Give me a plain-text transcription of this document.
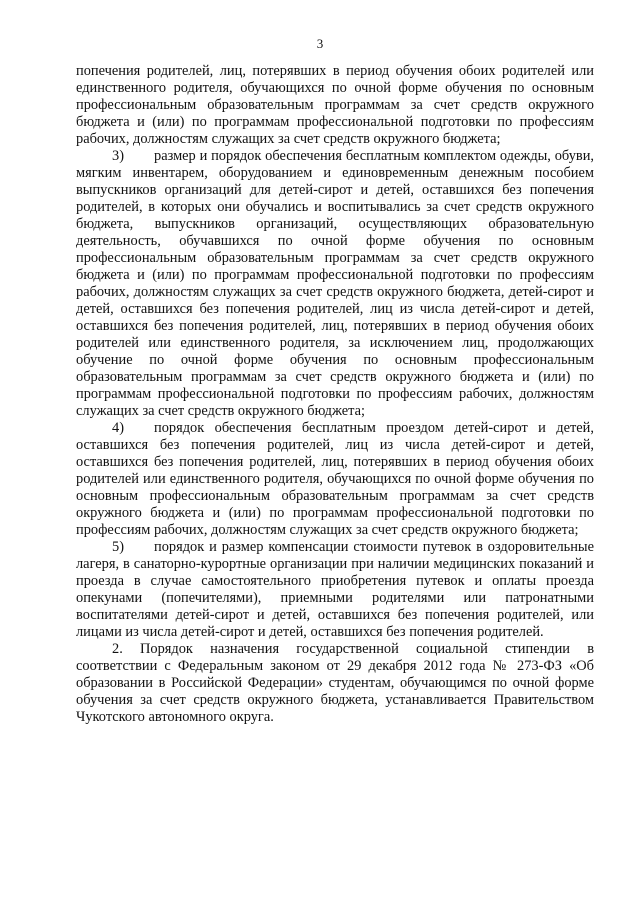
3

попечения родителей, лиц, потерявших в период обучения обоих родителей или единственного родителя, обучающихся по очной форме обучения по основным профессиональным образовательным программам за счет средств окружного бюджета и (или) по программам профессиональной подготовки по профессиям рабочих, должностям служащих за счет средств окружного бюджета;

3) размер и порядок обеспечения бесплатным комплектом одежды, обуви, мягким инвентарем, оборудованием и единовременным денежным пособием выпускников организаций для детей-сирот и детей, оставшихся без попечения родителей, в которых они обучались и воспитывались за счет средств окружного бюджета, выпускников организаций, осуществляющих образовательную деятельность, обучавшихся по очной форме обучения по основным профессиональным образовательным программам за счет средств окружного бюджета и (или) по программам профессиональной подготовки по профессиям рабочих, должностям служащих за счет средств окружного бюджета, детей-сирот и детей, оставшихся без попечения родителей, лиц из числа детей-сирот и детей, оставшихся без попечения родителей, лиц, потерявших в период обучения обоих родителей или единственного родителя, за исключением лиц, продолжающих обучение по очной форме обучения по основным профессиональным образовательным программам за счет средств окружного бюджета и (или) по программам профессиональной подготовки по профессиям рабочих, должностям служащих за счет средств окружного бюджета;

4) порядок обеспечения бесплатным проездом детей-сирот и детей, оставшихся без попечения родителей, лиц из числа детей-сирот и детей, оставшихся без попечения родителей, лиц, потерявших в период обучения обоих родителей или единственного родителя, обучающихся по очной форме обучения по основным профессиональным образовательным программам за счет средств окружного бюджета и (или) по программам профессиональной подготовки по профессиям рабочих, должностям служащих за счет средств окружного бюджета;

5) порядок и размер компенсации стоимости путевок в оздоровительные лагеря, в санаторно-курортные организации при наличии медицинских показаний и проезда в случае самостоятельного приобретения путевок и оплаты проезда опекунами (попечителями), приемными родителями или патронатными воспитателями детей-сирот и детей, оставшихся без попечения родителей, или лицами из числа детей-сирот и детей, оставшихся без попечения родителей.

2. Порядок назначения государственной социальной стипендии в соответствии с Федеральным законом от 29 декабря 2012 года № 273-ФЗ «Об образовании в Российской Федерации» студентам, обучающимся по очной форме обучения за счет средств окружного бюджета, устанавливается Правительством Чукотского автономного округа.
